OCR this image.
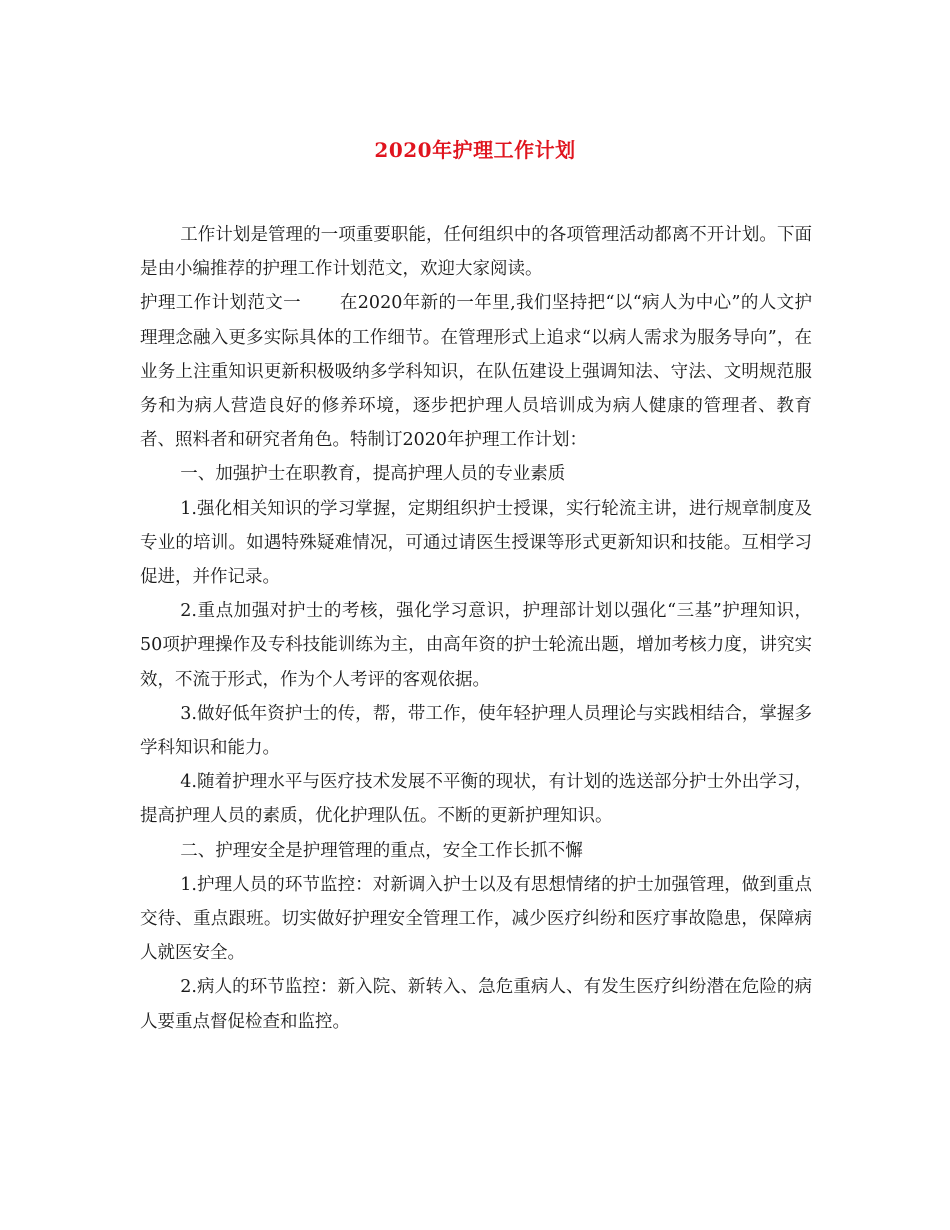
2020年护理工作计划

工作计划是管理的一项重要职能，任何组织中的各项管理活动都离不开计划。下面是由小编推荐的护理工作计划范文，欢迎大家阅读。

护理工作计划范文一 在2020年新的一年里,我们坚持把“以“病人为中心”的人文护理理念融入更多实际具体的工作细节。在管理形式上追求“以病人需求为服务导向”，在业务上注重知识更新积极吸纳多学科知识，在队伍建设上强调知法、守法、文明规范服务和为病人营造良好的修养环境，逐步把护理人员培训成为病人健康的管理者、教育者、照料者和研究者角色。特制订2020年护理工作计划：

一、加强护士在职教育，提高护理人员的专业素质

1.强化相关知识的学习掌握，定期组织护士授课，实行轮流主讲，进行规章制度及专业的培训。如遇特殊疑难情况，可通过请医生授课等形式更新知识和技能。互相学习促进，并作记录。

2.重点加强对护士的考核，强化学习意识，护理部计划以强化“三基”护理知识，50项护理操作及专科技能训练为主，由高年资的护士轮流出题，增加考核力度，讲究实效，不流于形式，作为个人考评的客观依据。

3.做好低年资护士的传，帮，带工作，使年轻护理人员理论与实践相结合，掌握多学科知识和能力。

4.随着护理水平与医疗技术发展不平衡的现状，有计划的选送部分护士外出学习，提高护理人员的素质，优化护理队伍。不断的更新护理知识。

二、护理安全是护理管理的重点，安全工作长抓不懈

1.护理人员的环节监控：对新调入护士以及有思想情绪的护士加强管理，做到重点交待、重点跟班。切实做好护理安全管理工作，减少医疗纠纷和医疗事故隐患，保障病人就医安全。

2.病人的环节监控：新入院、新转入、急危重病人、有发生医疗纠纷潜在危险的病人要重点督促检查和监控。
